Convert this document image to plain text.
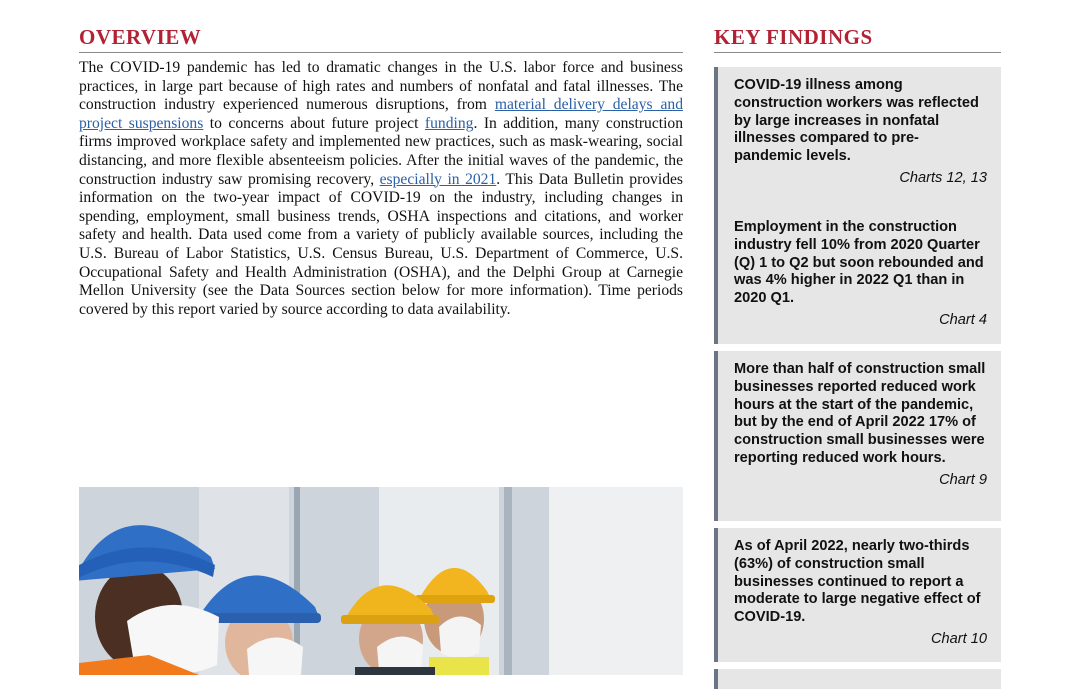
OVERVIEW

The COVID-19 pandemic has led to dramatic changes in the U.S. labor force and business practices, in large part because of high rates and numbers of nonfatal and fatal illnesses. The construction industry experienced numerous disruptions, from material delivery delays and project suspensions to concerns about future project funding. In addition, many construction firms improved workplace safety and implemented new practices, such as mask-wearing, social distancing, and more flexible absenteeism policies. After the initial waves of the pandemic, the construction industry saw promising recovery, especially in 2021. This Data Bulletin provides information on the two-year impact of COVID-19 on the industry, including changes in spending, employment, small business trends, OSHA inspections and citations, and worker safety and health. Data used come from a variety of publicly available sources, including the U.S. Bureau of Labor Statistics, U.S. Census Bureau, U.S. Department of Commerce, U.S. Occupational Safety and Health Administration (OSHA), and the Delphi Group at Carnegie Mellon University (see the Data Sources section below for more information). Time periods covered by this report varied by source according to data availability.

KEY FINDINGS

COVID-19 illness among construction workers was reflected by large increases in nonfatal illnesses compared to pre-pandemic levels.

Charts 12, 13

Employment in the construction industry fell 10% from 2020 Quarter (Q) 1 to Q2 but soon rebounded and was 4% higher in 2022 Q1 than in 2020 Q1.

Chart 4

More than half of construction small businesses reported reduced work hours at the start of the pandemic, but by the end of April 2022 17% of construction small businesses were reporting reduced work hours.

Chart 9

As of April 2022, nearly two-thirds (63%) of construction small businesses continued to report a moderate to large negative effect of COVID-19.

Chart 10
